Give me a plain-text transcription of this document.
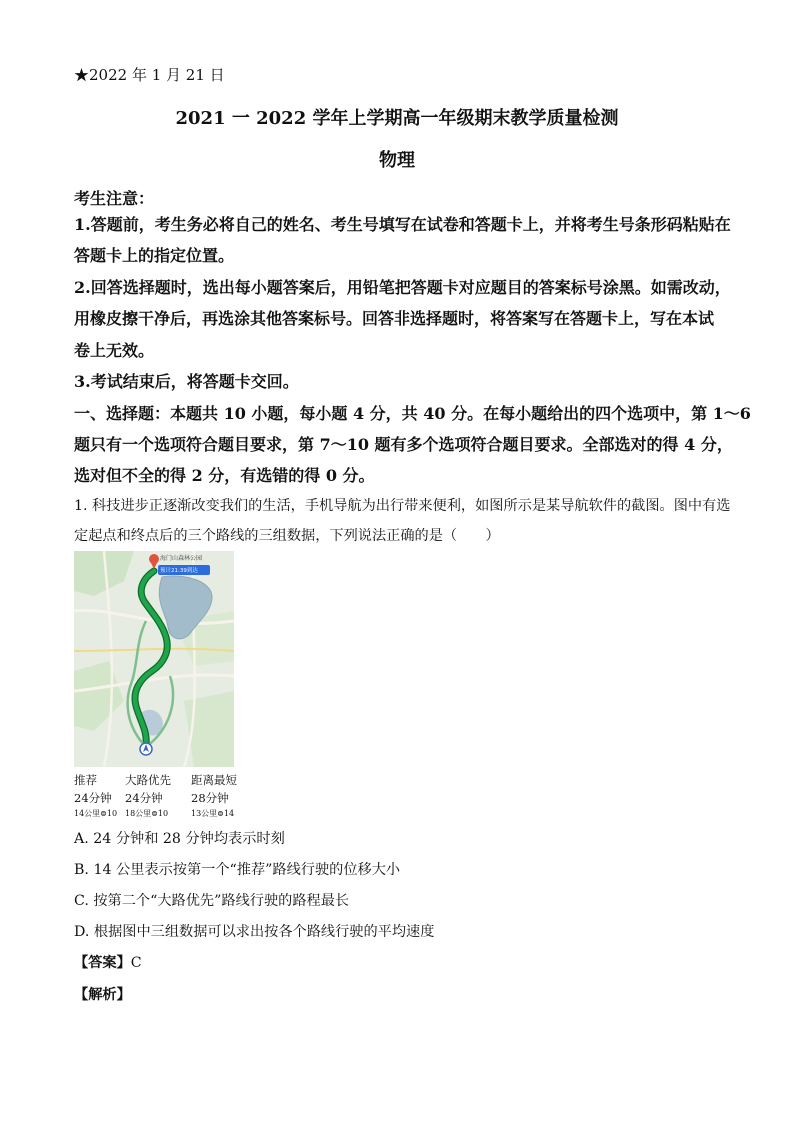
★2022 年 1 月 21 日
2021 一 2022 学年上学期高一年级期末教学质量检测
物理
考生注意：
1.答题前，考生务必将自己的姓名、考生号填写在试卷和答题卡上，并将考生号条形码粘贴在
答题卡上的指定位置。
2.回答选择题时，选出每小题答案后，用铅笔把答题卡对应题目的答案标号涂黑。如需改动，
用橡皮擦干净后，再选涂其他答案标号。回答非选择题时，将答案写在答题卡上，写在本试
卷上无效。
3.考试结束后，将答题卡交回。
一、选择题：本题共 10 小题，每小题 4 分，共 40 分。在每小题给出的四个选项中，第 1～6
题只有一个选项符合题目要求，第 7～10 题有多个选项符合题目要求。全部选对的得 4 分，
选对但不全的得 2 分，有选错的得 0 分。
1. 科技进步正逐渐改变我们的生活，手机导航为出行带来便利，如图所示是某导航软件的截图。图中有选
定起点和终点后的三个路线的三组数据，下列说法正确的是（　　）
海门山森林公园
预计21:39到达
推荐
24分钟
14公里⊜10
大路优先
24分钟
18公里⊜10
距离最短
28分钟
13公里⊜14
A. 24 分钟和 28 分钟均表示时刻
B. 14 公里表示按第一个“推荐”路线行驶的位移大小
C. 按第二个“大路优先”路线行驶的路程最长
D. 根据图中三组数据可以求出按各个路线行驶的平均速度
【答案】C
【解析】
